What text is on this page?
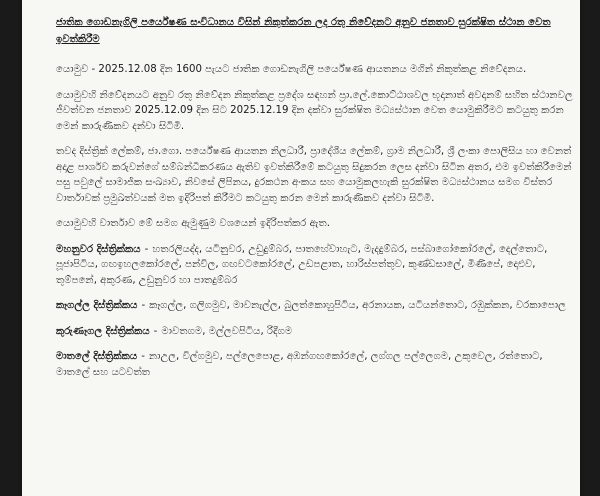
ජාතික ගොඩනැගිලි පර්යේෂණ සංවිධානය විසින් නිකුත්කරන ලද රතු නිවේදනට අනුව ජනතාව සුරක්ෂිත ස්ථාන වෙත ඉවත්කිරීම
යොමුව - 2025.12.08 දින 1600 පැයට ජාතික ගොඩනැගිලි පර්යේෂණ ආයතනය මගින් නිකුත්කළ නිවේදනය.
යොමුවහි නිවේදනයට අනුව රතු නිවේදන නිකුත්කළ ප්‍රදේශ සඳහන් ප්‍රා.ලේ.කොට්ඨාශවල භූදානාත් අවදානම් සහිත ස්ථානවල ජීවත්වන ජනතාව 2025.12.09 දින සිට 2025.12.19 දින දක්වා සුරක්ෂිත මධ්‍යස්ථාන වෙත යොමුකිරීමට කටයුතු කරන මෙන් කාරුණිකව දන්වා සිටිමි.
තවද දිස්ත්‍රික් ලේකම්, ජා.ගො. පර්යේෂණ ආයතන නිලධාරී, ප්‍රාදේශීය ලේකම්, ග්‍රාම නිලධාරී, ශ්‍රී ලංකා පොලිසිය හා වෙනත් අදාළ පාර්ශව කරුවන්ගේ සම්බන්ධීකරණය ඇතිව ඉවත්කිරීමේ කටයුතු සිදුකරන ලෙස දන්වා සිටින අතර, එම ඉවත්කිරීමෙන් පසු පවුලේ සාමාජික සංඛ්‍යාව, නිවසේ ලිපිනය, දුරකථන අංකය සහ යොමුකලහැකි සුරක්ෂිත මධ්‍යස්ථානය සමග විස්තර වාර්තාවක් ප්‍රමුඛත්වයක් මත ඉදිරිපත් කිරීමට කටයුතු කරන මෙන් කාරුණිකව දන්වා සිටිමි.
යොමුවහි වාර්තාව මේ සමග ඇමුණුම වශයෙන් ඉදිරිපත්කර ඇත.
මහනුවර දිස්ත්‍රික්කය - හතරලියද්ද, යටිනුවර, උඩුදුම්බර, පාතහේවාහැට, මැදදුම්බර, පස්බාගෝකෝරලේ, දෙල්තොට, පූජාපිටිය, ගඟඉහලකෝරලේ, පන්විල, ගඟවටකෝරලේ, උඩපළාත, හාරිස්පත්තුව, කුණ්ඩසාලේ, මිණිපේ, දොළුව, තුම්පනේ, අකුරණ, උඩුනුවර හා පාතදුම්බර
කෑගල්ල දිස්ත්‍රික්කය - කෑගල්ල, ගලිගමුව, මාවනැල්ල, බුලත්කොහුපිටිය, අරනායක, යටියන්තොට, රඹුක්කන, වරකාපොල
කුරුණෑගල දිස්ත්‍රික්කය - මාවතගම, මල්ලවපිටිය, රිදීගම
මාතලේ දිස්ත්‍රික්කය - නාඋල, විල්ගමුව, පල්ලෙපොළ, අඹන්ගඟකෝරලේ, ලග්ගල පල්ලෙගම, උකුවෙල, රත්තොට, මාතලේ සහ යටවත්ත
